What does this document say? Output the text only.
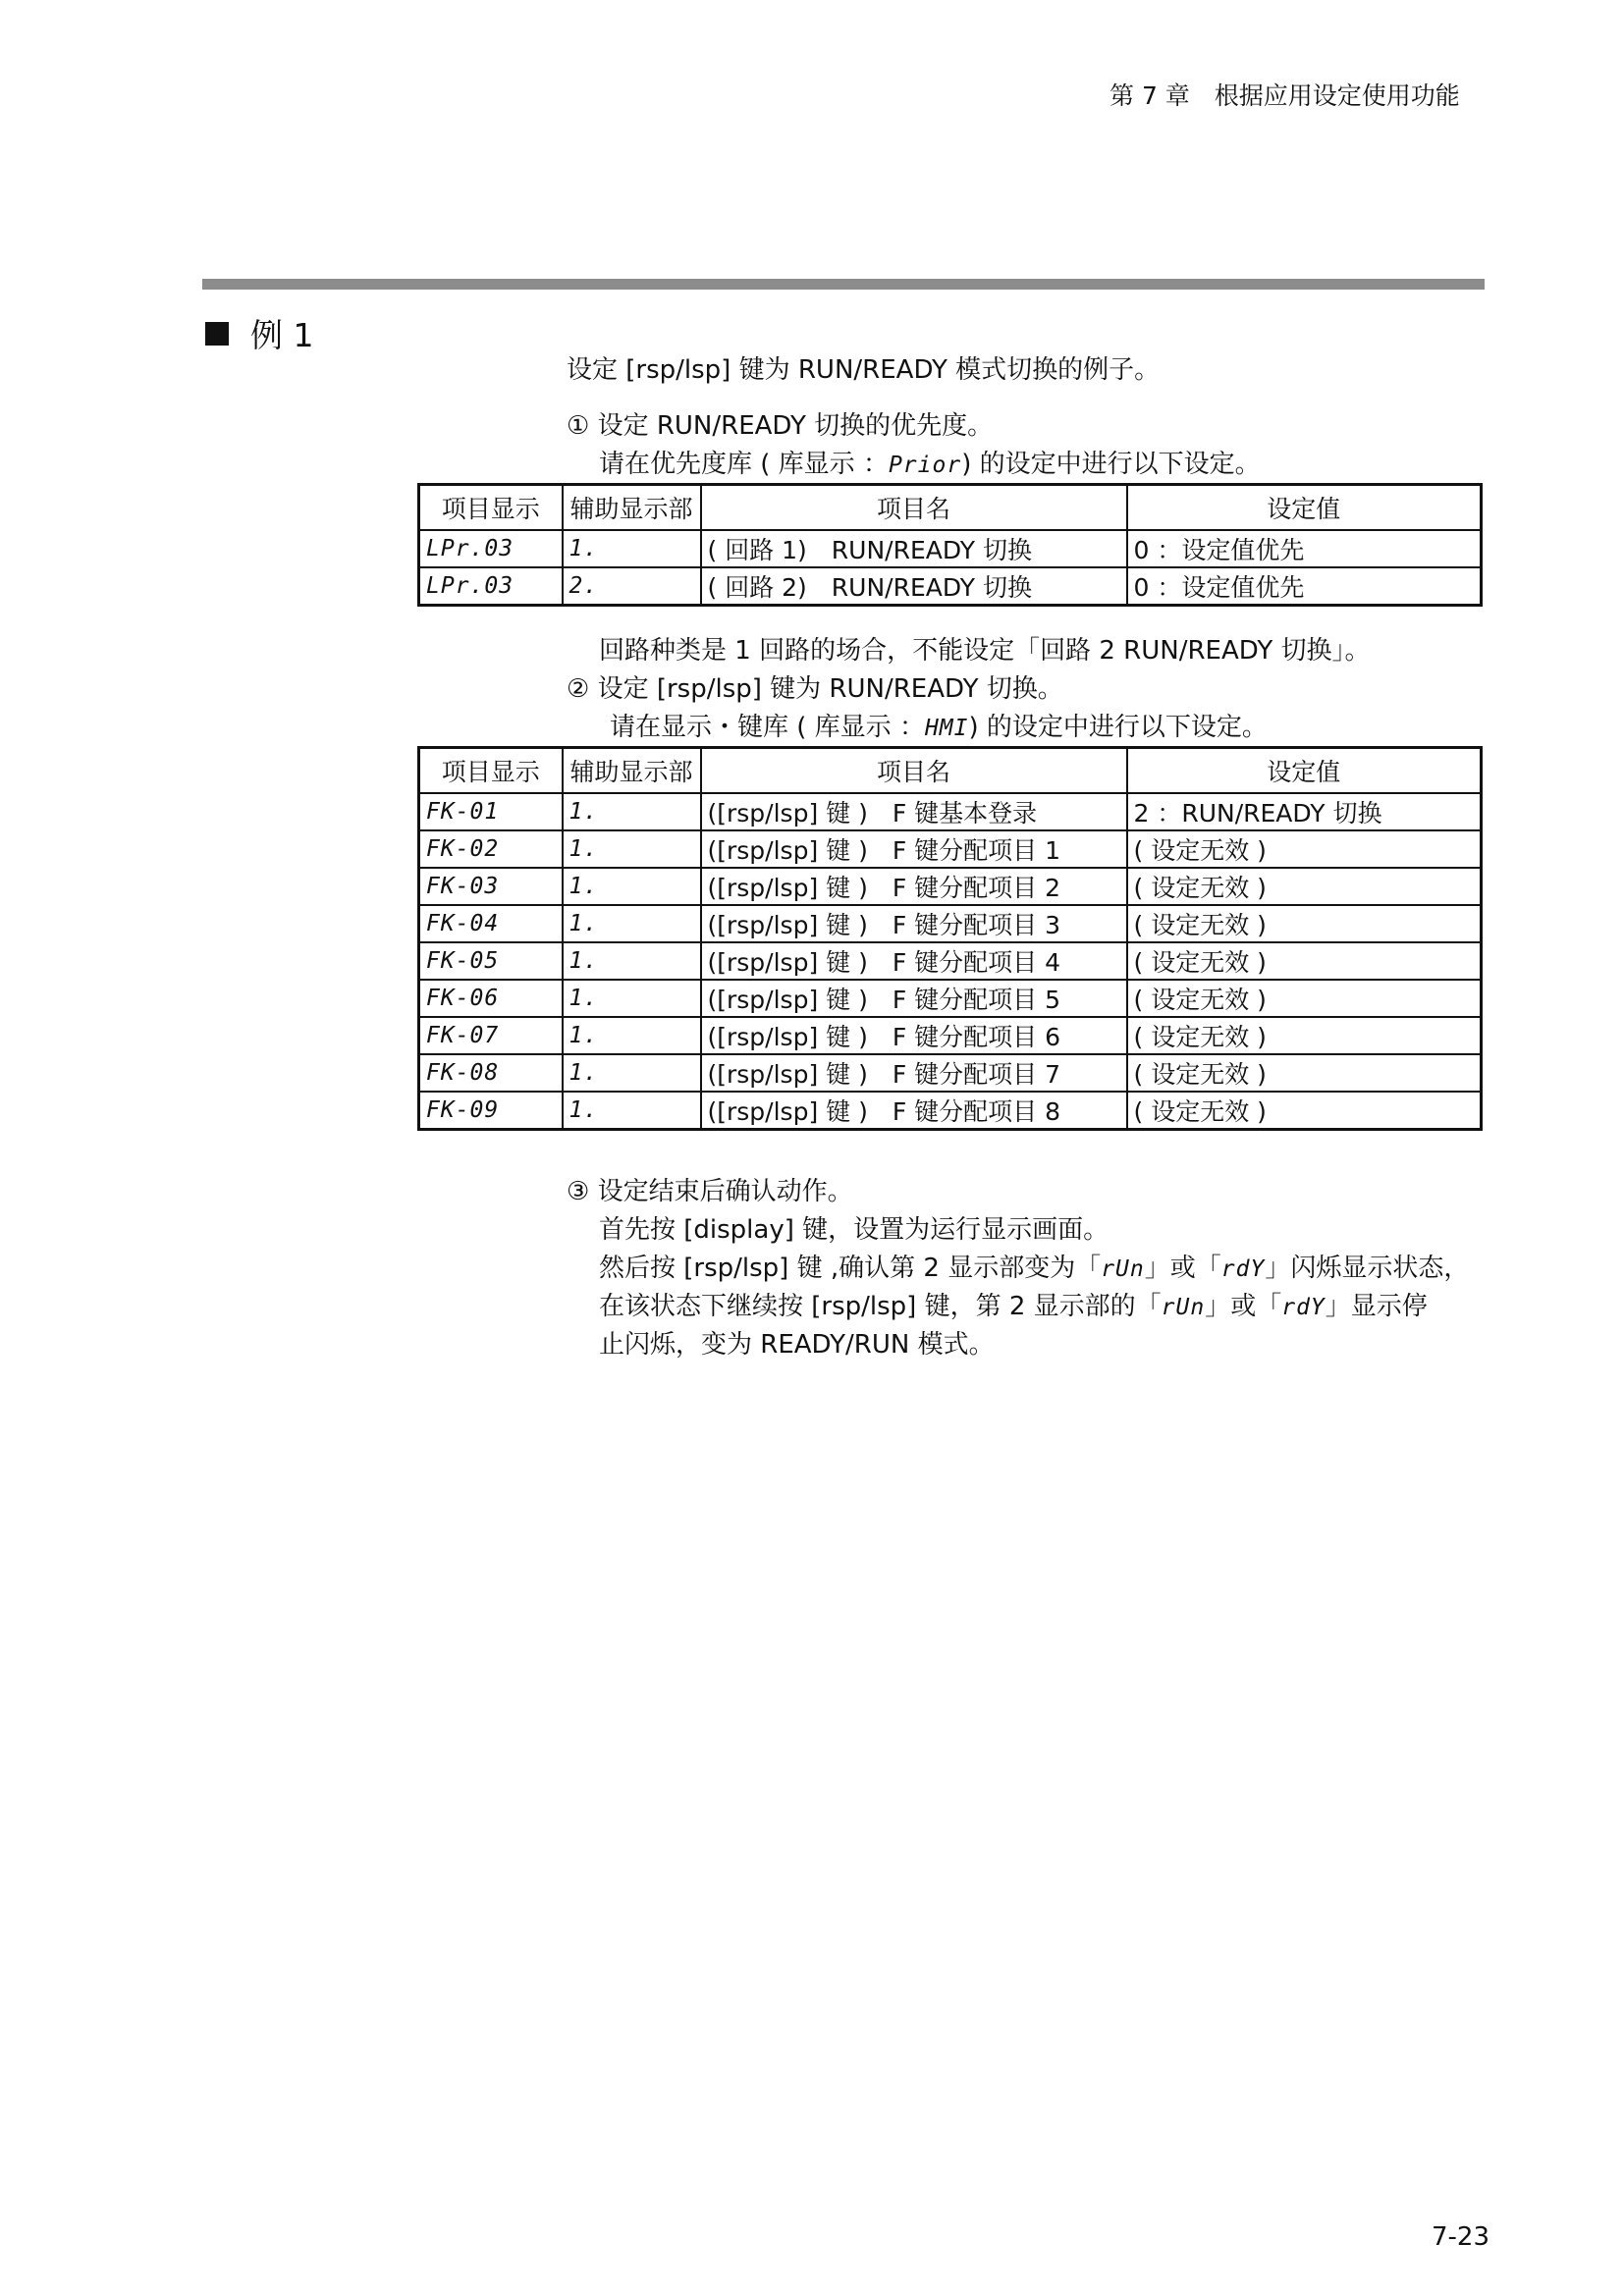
第 7 章　根据应用设定使用功能
例 1
设定 [rsp/lsp] 键为 RUN/READY 模式切换的例子。
① 设定 RUN/READY 切换的优先度。
请在优先度库 ( 库显示 ：Prior) 的设定中进行以下设定。
项目显示	辅助显示部	项目名	设定值
LPr.03	1.	( 回路 1)　RUN/READY 切换	0 ：设定值优先
LPr.03	2.	( 回路 2)　RUN/READY 切换	0 ：设定值优先
回路种类是 1 回路的场合，不能设定「回路 2 RUN/READY 切换」。
② 设定 [rsp/lsp] 键为 RUN/READY 切换。
请在显示・键库 ( 库显示 ：HMI) 的设定中进行以下设定。
项目显示	辅助显示部	项目名	设定值
FK-01	1.	([rsp/lsp] 键 )　F 键基本登录	2 ：RUN/READY 切换
FK-02	1.	([rsp/lsp] 键 )　F 键分配项目 1	( 设定无效 )
FK-03	1.	([rsp/lsp] 键 )　F 键分配项目 2	( 设定无效 )
FK-04	1.	([rsp/lsp] 键 )　F 键分配项目 3	( 设定无效 )
FK-05	1.	([rsp/lsp] 键 )　F 键分配项目 4	( 设定无效 )
FK-06	1.	([rsp/lsp] 键 )　F 键分配项目 5	( 设定无效 )
FK-07	1.	([rsp/lsp] 键 )　F 键分配项目 6	( 设定无效 )
FK-08	1.	([rsp/lsp] 键 )　F 键分配项目 7	( 设定无效 )
FK-09	1.	([rsp/lsp] 键 )　F 键分配项目 8	( 设定无效 )
③ 设定结束后确认动作。
首先按 [display] 键，设置为运行显示画面。
然后按 [rsp/lsp] 键 ,确认第 2 显示部变为「rUn」或「rdY」闪烁显示状态，
在该状态下继续按 [rsp/lsp] 键，第 2 显示部的「rUn」或「rdY」显示停
止闪烁，变为 READY/RUN 模式。
7-23
